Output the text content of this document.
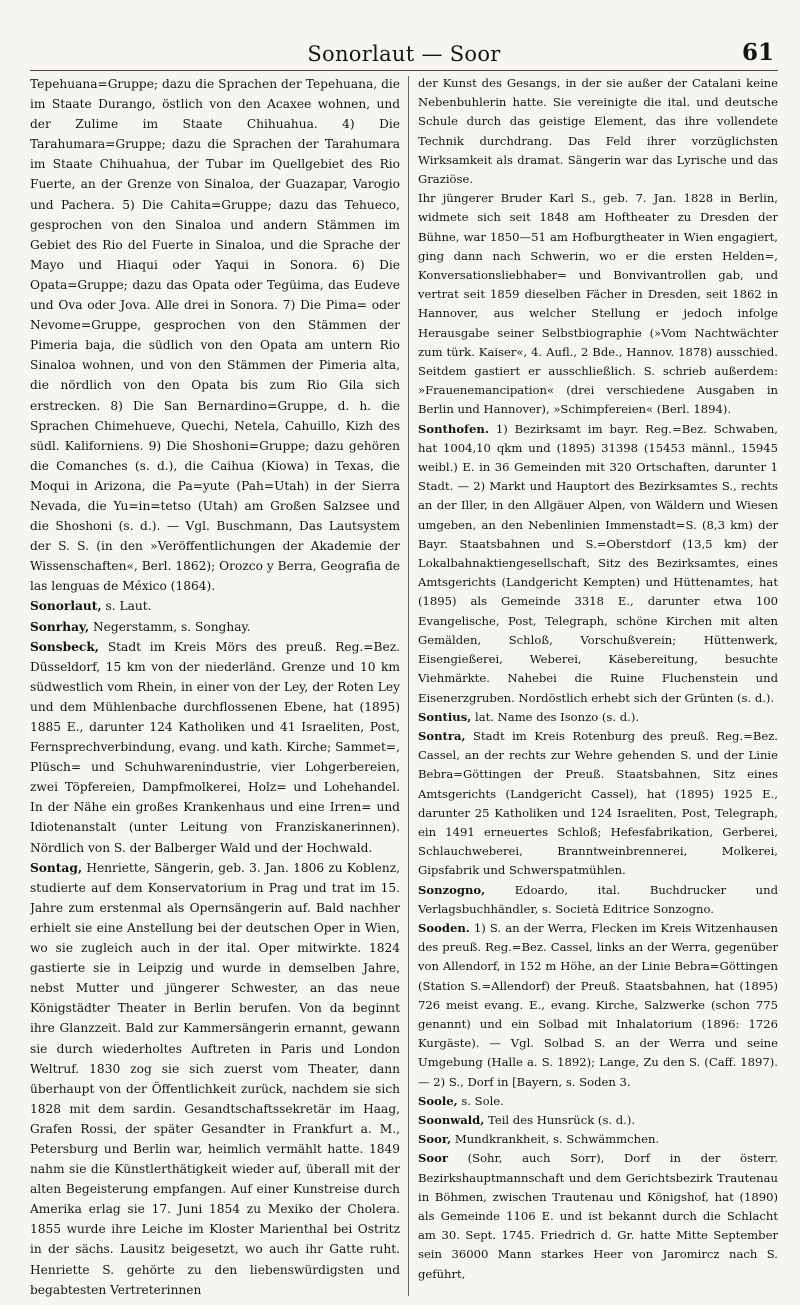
Sonorlaut — Soor	61

Tepehuana=Gruppe; dazu die Sprachen der Tepehuana, die im Staate Durango, östlich von den Acaxee wohnen, und der Zulime im Staate Chihuahua. 4) Die Tarahumara=Gruppe; dazu die Sprachen der Tarahumara im Staate Chihuahua, der Tubar im Quellgebiet des Rio Fuerte, an der Grenze von Sinaloa, der Guazapar, Varogio und Pachera. 5) Die Cahita=Gruppe; dazu das Tehueco, gesprochen von den Sinaloa und andern Stämmen im Gebiet des Rio del Fuerte in Sinaloa, und die Sprache der Mayo und Hiaqui oder Yaqui in Sonora. 6) Die Opata=Gruppe; dazu das Opata oder Tegüima, das Eudeve und Ova oder Jova. Alle drei in Sonora. 7) Die Pima= oder Nevome=Gruppe, gesprochen von den Stämmen der Pimeria baja, die südlich von den Opata am untern Rio Sinaloa wohnen, und von den Stämmen der Pimeria alta, die nördlich von den Opata bis zum Rio Gila sich erstrecken. 8) Die San Bernardino=Gruppe, d. h. die Sprachen Chimehueve, Quechi, Netela, Cahuillo, Kizh des südl. Kaliforniens. 9) Die Shoshoni=Gruppe; dazu gehören die Comanches (s. d.), die Caihua (Kiowa) in Texas, die Moqui in Arizona, die Pa=yute (Pah=Utah) in der Sierra Nevada, die Yu=in=tetso (Utah) am Großen Salzsee und die Shoshoni (s. d.). — Vgl. Buschmann, Das Lautsystem der S. S. (in den »Veröffentlichungen der Akademie der Wissenschaften«, Berl. 1862); Orozco y Berra, Geografia de las lenguas de México (1864).

Sonorlaut, s. Laut.

Sonrhay, Negerstamm, s. Songhay.

Sonsbeck, Stadt im Kreis Mörs des preuß. Reg.=Bez. Düsseldorf, 15 km von der niederländ. Grenze und 10 km südwestlich vom Rhein, in einer von der Ley, der Roten Ley und dem Mühlenbache durchflossenen Ebene, hat (1895) 1885 E., darunter 124 Katholiken und 41 Israeliten, Post, Fernsprechverbindung, evang. und kath. Kirche; Sammet=, Plüsch= und Schuhwarenindustrie, vier Lohgerbereien, zwei Töpfereien, Dampfmolkerei, Holz= und Lohehandel. In der Nähe ein großes Krankenhaus und eine Irren= und Idiotenanstalt (unter Leitung von Franziskanerinnen). Nördlich von S. der Balberger Wald und der Hochwald.

Sontag, Henriette, Sängerin, geb. 3. Jan. 1806 zu Koblenz, studierte auf dem Konservatorium in Prag und trat im 15. Jahre zum erstenmal als Opernsängerin auf. Bald nachher erhielt sie eine Anstellung bei der deutschen Oper in Wien, wo sie zugleich auch in der ital. Oper mitwirkte. 1824 gastierte sie in Leipzig und wurde in demselben Jahre, nebst Mutter und jüngerer Schwester, an das neue Königstädter Theater in Berlin berufen. Von da beginnt ihre Glanzzeit. Bald zur Kammersängerin ernannt, gewann sie durch wiederholtes Auftreten in Paris und London Weltruf. 1830 zog sie sich zuerst vom Theater, dann überhaupt von der Öffentlichkeit zurück, nachdem sie sich 1828 mit dem sardin. Gesandtschaftssekretär im Haag, Grafen Rossi, der später Gesandter in Frankfurt a. M., Petersburg und Berlin war, heimlich vermählt hatte. 1849 nahm sie die Künstlerthätigkeit wieder auf, überall mit der alten Begeisterung empfangen. Auf einer Kunstreise durch Amerika erlag sie 17. Juni 1854 zu Mexiko der Cholera. 1855 wurde ihre Leiche im Kloster Marienthal bei Ostritz in der sächs. Lausitz beigesetzt, wo auch ihr Gatte ruht. Henriette S. gehörte zu den liebenswürdigsten und begabtesten Vertreterinnen

der Kunst des Gesangs, in der sie außer der Catalani keine Nebenbuhlerin hatte. Sie vereinigte die ital. und deutsche Schule durch das geistige Element, das ihre vollendete Technik durchdrang. Das Feld ihrer vorzüglichsten Wirksamkeit als dramat. Sängerin war das Lyrische und das Graziöse.

Ihr jüngerer Bruder Karl S., geb. 7. Jan. 1828 in Berlin, widmete sich seit 1848 am Hoftheater zu Dresden der Bühne, war 1850—51 am Hofburgtheater in Wien engagiert, ging dann nach Schwerin, wo er die ersten Helden=, Konversationsliebhaber= und Bonvivantrollen gab, und vertrat seit 1859 dieselben Fächer in Dresden, seit 1862 in Hannover, aus welcher Stellung er jedoch infolge Herausgabe seiner Selbstbiographie (»Vom Nachtwächter zum türk. Kaiser«, 4. Aufl., 2 Bde., Hannov. 1878) ausschied. Seitdem gastiert er ausschließlich. S. schrieb außerdem: »Frauenemancipation« (drei verschiedene Ausgaben in Berlin und Hannover), »Schimpfereien« (Berl. 1894).

Sonthofen. 1) Bezirksamt im bayr. Reg.=Bez. Schwaben, hat 1004,10 qkm und (1895) 31398 (15453 männl., 15945 weibl.) E. in 36 Gemeinden mit 320 Ortschaften, darunter 1 Stadt. — 2) Markt und Hauptort des Bezirksamtes S., rechts an der Iller, in den Allgäuer Alpen, von Wäldern und Wiesen umgeben, an den Nebenlinien Immenstadt=S. (8,3 km) der Bayr. Staatsbahnen und S.=Oberstdorf (13,5 km) der Lokalbahnaktiengesellschaft, Sitz des Bezirksamtes, eines Amtsgerichts (Landgericht Kempten) und Hüttenamtes, hat (1895) als Gemeinde 3318 E., darunter etwa 100 Evangelische, Post, Telegraph, schöne Kirchen mit alten Gemälden, Schloß, Vorschußverein; Hüttenwerk, Eisengießerei, Weberei, Käsebereitung, besuchte Viehmärkte. Nahebei die Ruine Fluchenstein und Eisenerzgruben. Nordöstlich erhebt sich der Grünten (s. d.).

Sontius, lat. Name des Isonzo (s. d.).

Sontra, Stadt im Kreis Rotenburg des preuß. Reg.=Bez. Cassel, an der rechts zur Wehre gehenden S. und der Linie Bebra=Göttingen der Preuß. Staatsbahnen, Sitz eines Amtsgerichts (Landgericht Cassel), hat (1895) 1925 E., darunter 25 Katholiken und 124 Israeliten, Post, Telegraph, ein 1491 erneuertes Schloß; Hefesfabrikation, Gerberei, Schlauchweberei, Branntweinbrennerei, Molkerei, Gipsfabrik und Schwerspatmühlen.

Sonzogno, Edoardo, ital. Buchdrucker und Verlagsbuchhändler, s. Società Editrice Sonzogno.

Sooden. 1) S. an der Werra, Flecken im Kreis Witzenhausen des preuß. Reg.=Bez. Cassel, links an der Werra, gegenüber von Allendorf, in 152 m Höhe, an der Linie Bebra=Göttingen (Station S.=Allendorf) der Preuß. Staatsbahnen, hat (1895) 726 meist evang. E., evang. Kirche, Salzwerke (schon 775 genannt) und ein Solbad mit Inhalatorium (1896: 1726 Kurgäste). — Vgl. Solbad S. an der Werra und seine Umgebung (Halle a. S. 1892); Lange, Zu den S. (Caff. 1897). — 2) S., Dorf in [Bayern, s. Soden 3.

Soole, s. Sole.

Soonwald, Teil des Hunsrück (s. d.).

Soor, Mundkrankheit, s. Schwämmchen.

Soor (Sohr, auch Sorr), Dorf in der österr. Bezirkshauptmannschaft und dem Gerichtsbezirk Trautenau in Böhmen, zwischen Trautenau und Königshof, hat (1890) als Gemeinde 1106 E. und ist bekannt durch die Schlacht am 30. Sept. 1745. Friedrich d. Gr. hatte Mitte September sein 36000 Mann starkes Heer von Jaromircz nach S. geführt,
